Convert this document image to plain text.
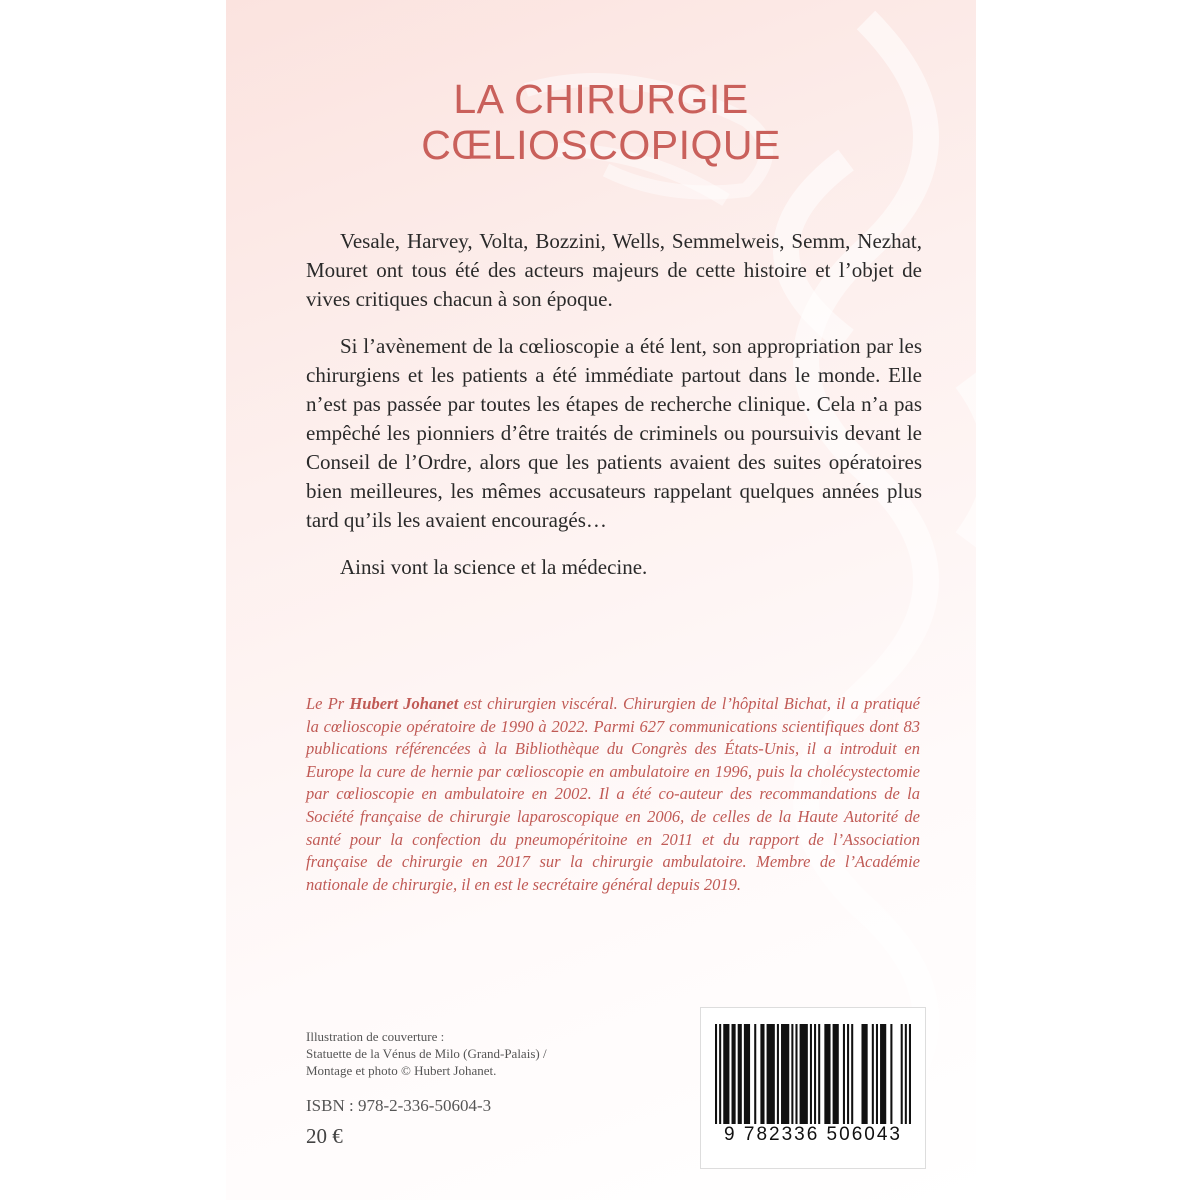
LA CHIRURGIE
CŒLIOSCOPIQUE

Vesale, Harvey, Volta, Bozzini, Wells, Semmelweis, Semm, Nezhat, Mouret ont tous été des acteurs majeurs de cette histoire et l’objet de vives critiques chacun à son époque.

Si l’avènement de la cœlioscopie a été lent, son appropriation par les chirurgiens et les patients a été immédiate partout dans le monde. Elle n’est pas passée par toutes les étapes de recherche clinique. Cela n’a pas empêché les pionniers d’être traités de criminels ou poursuivis devant le Conseil de l’Ordre, alors que les patients avaient des suites opératoires bien meilleures, les mêmes accusateurs rappelant quelques années plus tard qu’ils les avaient encouragés…

Ainsi vont la science et la médecine.

Le Pr Hubert Johanet est chirurgien viscéral. Chirurgien de l’hôpital Bichat, il a pratiqué la cœlioscopie opératoire de 1990 à 2022. Parmi 627 communications scientifiques dont 83 publications référencées à la Bibliothèque du Congrès des États-Unis, il a introduit en Europe la cure de hernie par cœlioscopie en ambulatoire en 1996, puis la cholécystectomie par cœlioscopie en ambulatoire en 2002. Il a été co-auteur des recommandations de la Société française de chirurgie laparoscopique en 2006, de celles de la Haute Autorité de santé pour la confection du pneumopéritoine en 2011 et du rapport de l’Association française de chirurgie en 2017 sur la chirurgie ambulatoire. Membre de l’Académie nationale de chirurgie, il en est le secrétaire général depuis 2019.
Illustration de couverture :
Statuette de la Vénus de Milo (Grand-Palais) /
Montage et photo © Hubert Johanet.
ISBN : 978-2-336-50604-3
20 €	9 782336 506043
